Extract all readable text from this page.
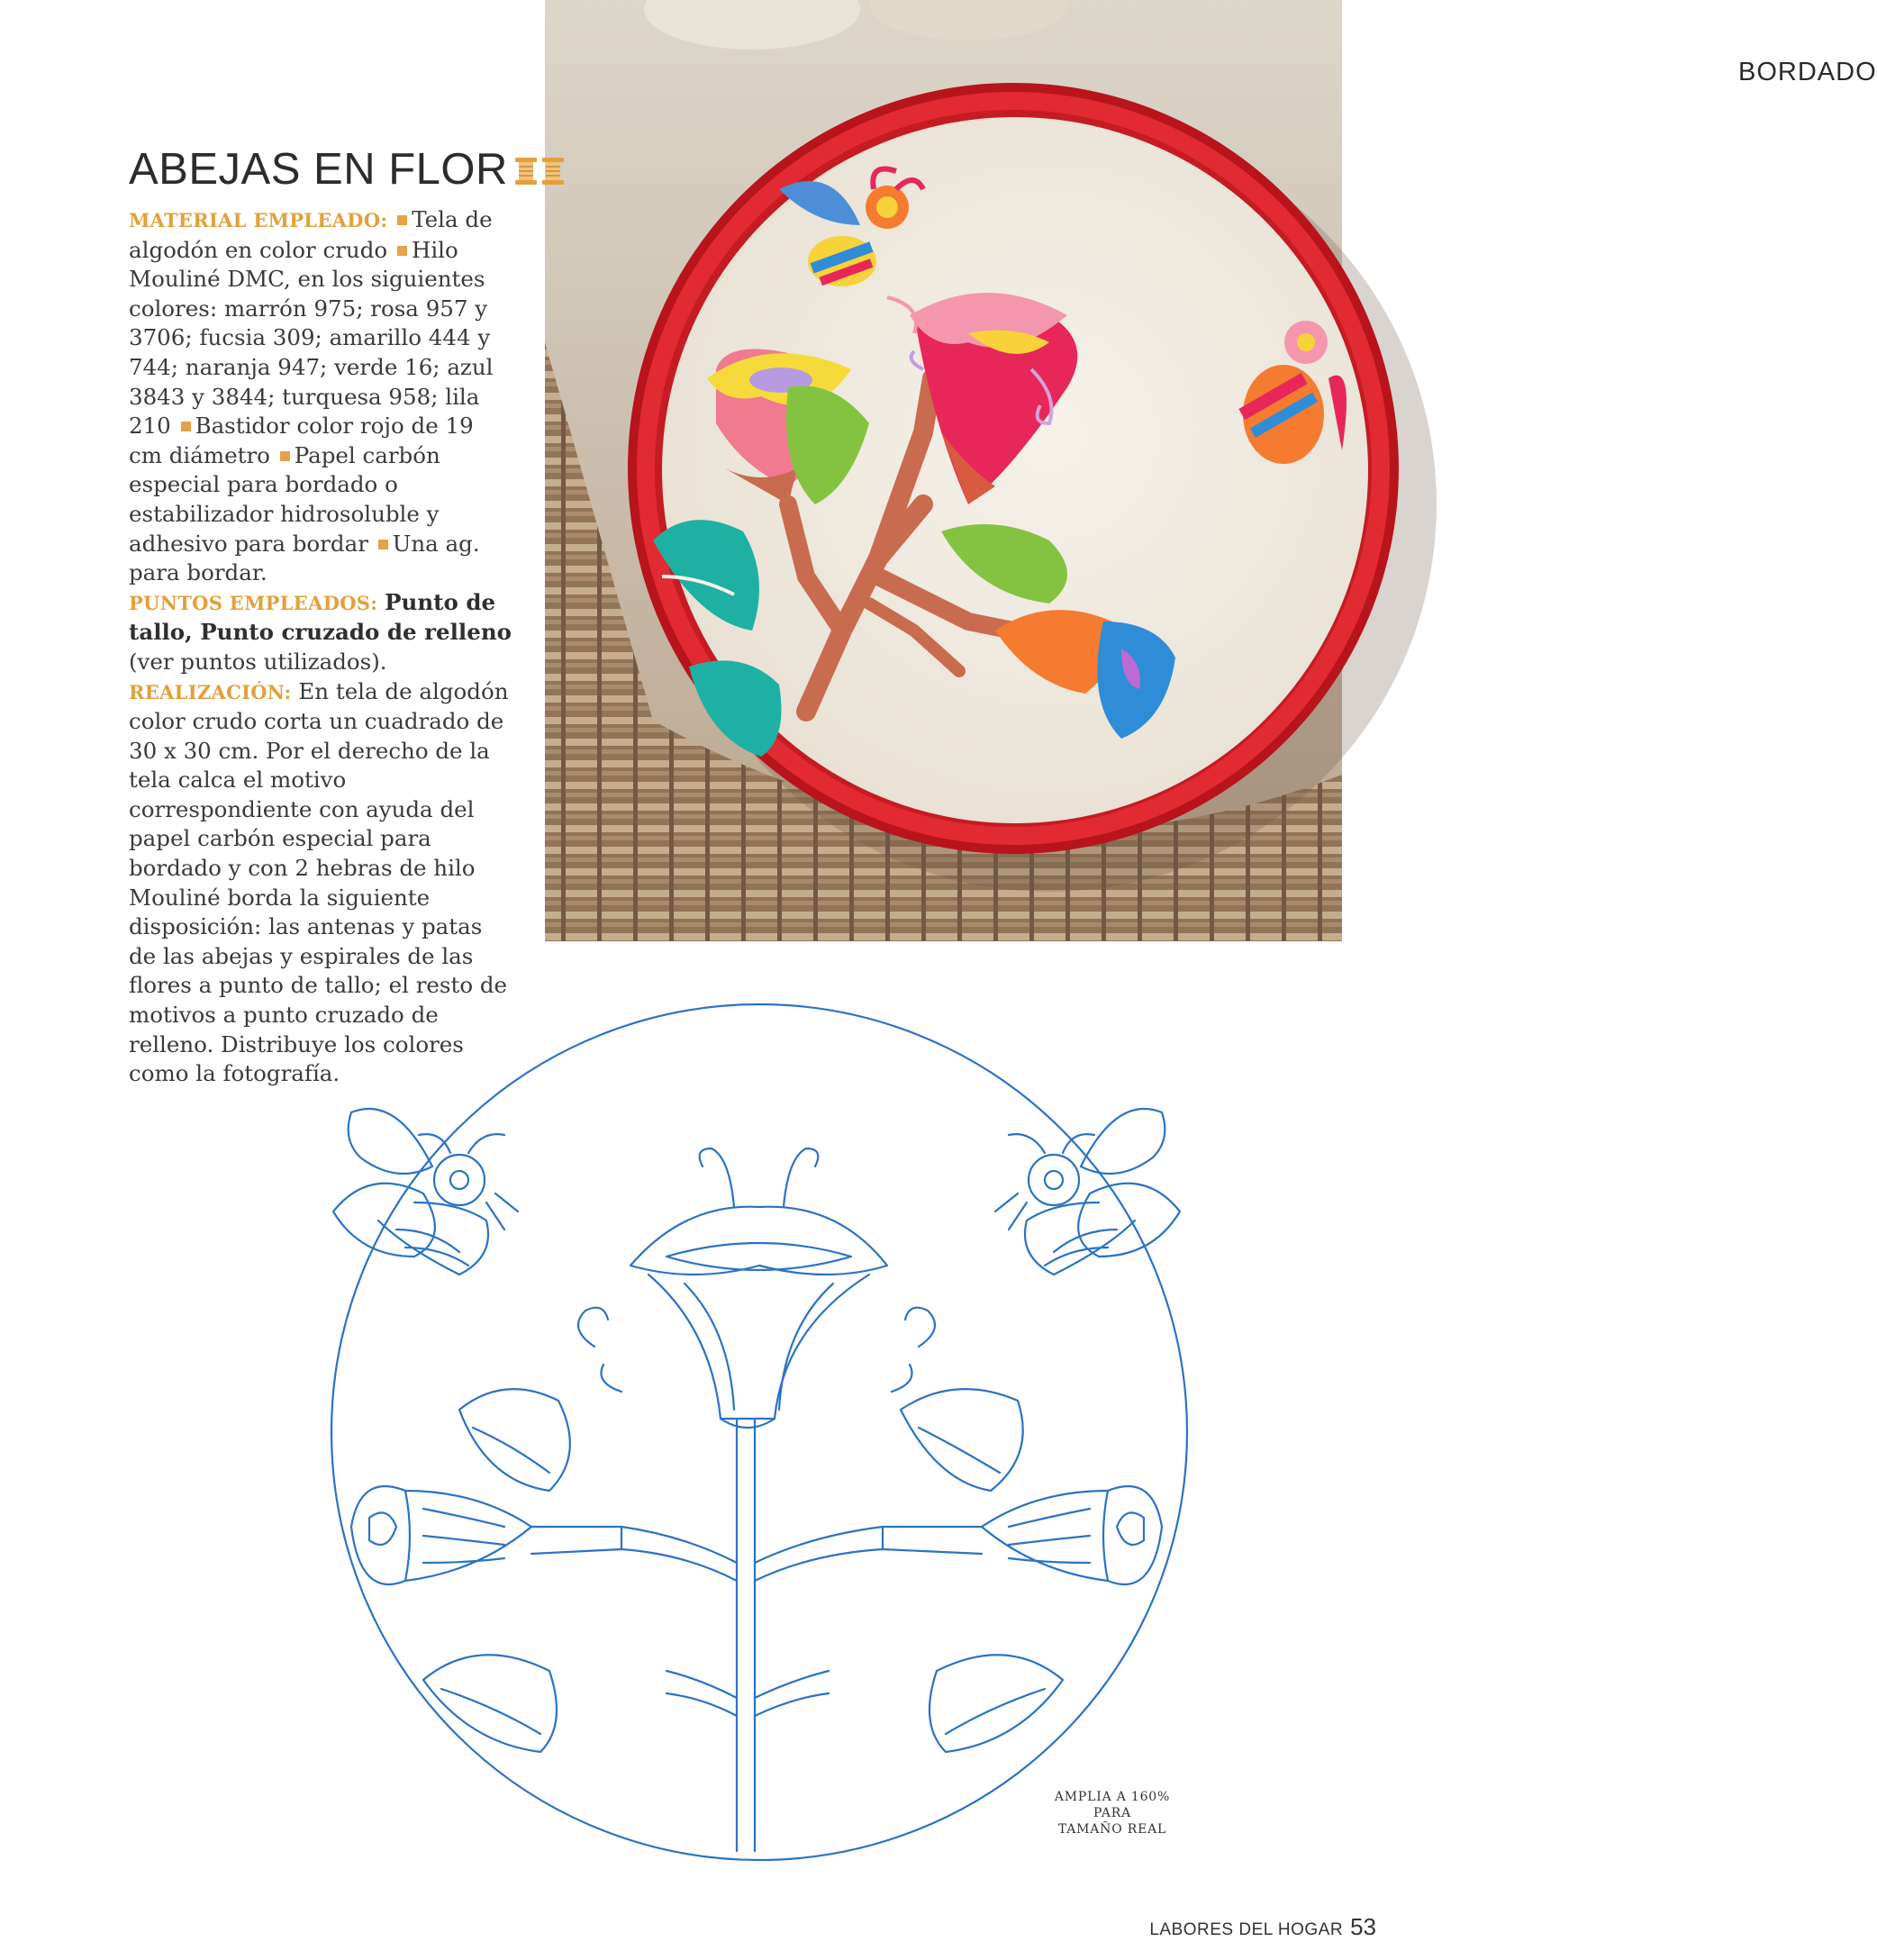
BORDADO
ABEJAS EN FLOR

MATERIAL EMPLEADO: Tela de algodón en color crudo Hilo Mouliné DMC, en los siguientes colores: marrón 975; rosa 957 y 3706; fucsia 309; amarillo 444 y 744; naranja 947; verde 16; azul 3843 y 3844; turquesa 958; lila 210 Bastidor color rojo de 19 cm diámetro Papel carbón especial para bordado o estabilizador hidrosoluble y adhesivo para bordar Una ag. para bordar.

PUNTOS EMPLEADOS: Punto de tallo, Punto cruzado de relleno (ver puntos utilizados).

REALIZACIÓN: En tela de algodón color crudo corta un cuadrado de 30 x 30 cm. Por el derecho de la tela calca el motivo correspondiente con ayuda del papel carbón especial para bordado y con 2 hebras de hilo Mouliné borda la siguiente disposición: las antenas y patas de las abejas y espirales de las flores a punto de tallo; el resto de motivos a punto cruzado de relleno. Distribuye los colores como la fotografía.

AMPLIA A 160% PARA
TAMAÑO REAL
LABORES DEL HOGAR 53
